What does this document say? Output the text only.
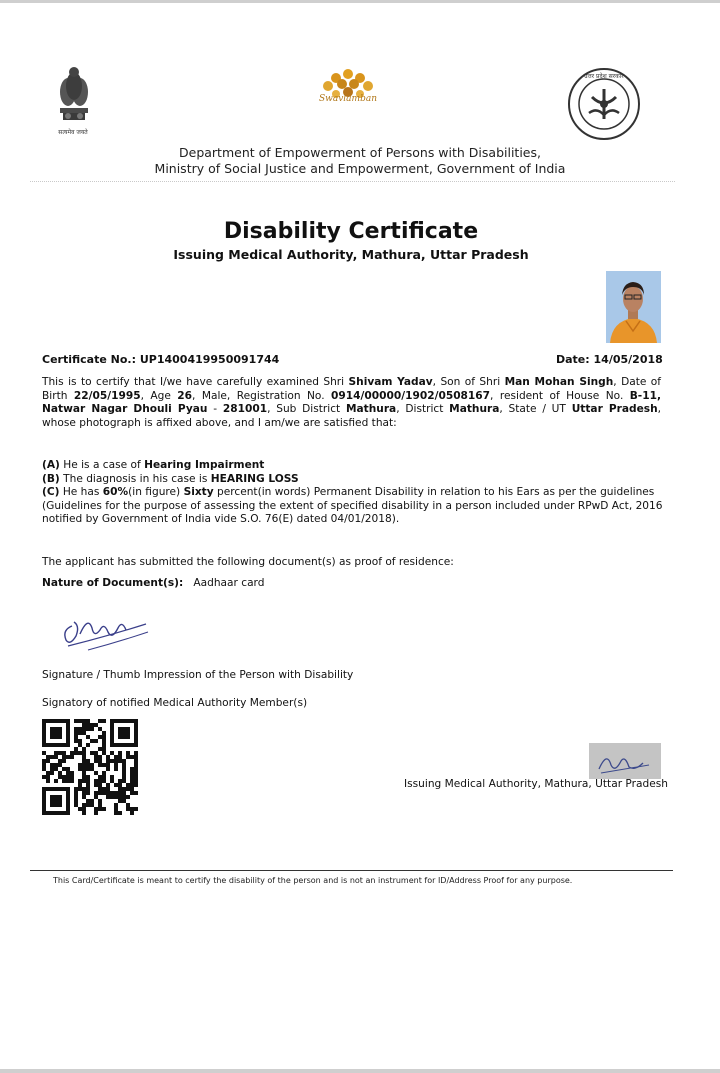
सत्यमेव जयते
Swavlamban
उत्तर प्रदेश सरकार
Department of Empowerment of Persons with Disabilities,
Ministry of Social Justice and Empowerment, Government of India
Disability Certificate
Issuing Medical Authority, Mathura, Uttar Pradesh
Certificate No.: UP1400419950091744	Date: 14/05/2018
This is to certify that I/we have carefully examined Shri Shivam Yadav, Son of Shri Man Mohan Singh, Date of Birth 22/05/1995, Age 26, Male, Registration No. 0914/00000/1902/0508167, resident of House No. B-11, Natwar Nagar Dhouli Pyau - 281001, Sub District Mathura, District Mathura, State / UT Uttar Pradesh, whose photograph is affixed above, and I am/we are satisfied that:
(A) He is a case of Hearing Impairment
(B) The diagnosis in his case is HEARING LOSS
(C) He has 60%(in figure) Sixty percent(in words) Permanent Disability in relation to his Ears as per the guidelines (Guidelines for the purpose of assessing the extent of specified disability in a person included under RPwD Act, 2016 notified by Government of India vide S.O. 76(E) dated 04/01/2018).
The applicant has submitted the following document(s) as proof of residence:
Nature of Document(s): Aadhaar card
Signature / Thumb Impression of the Person with Disability
Signatory of notified Medical Authority Member(s)
Issuing Medical Authority, Mathura, Uttar Pradesh
This Card/Certificate is meant to certify the disability of the person and is not an instrument for ID/Address Proof for any purpose.
